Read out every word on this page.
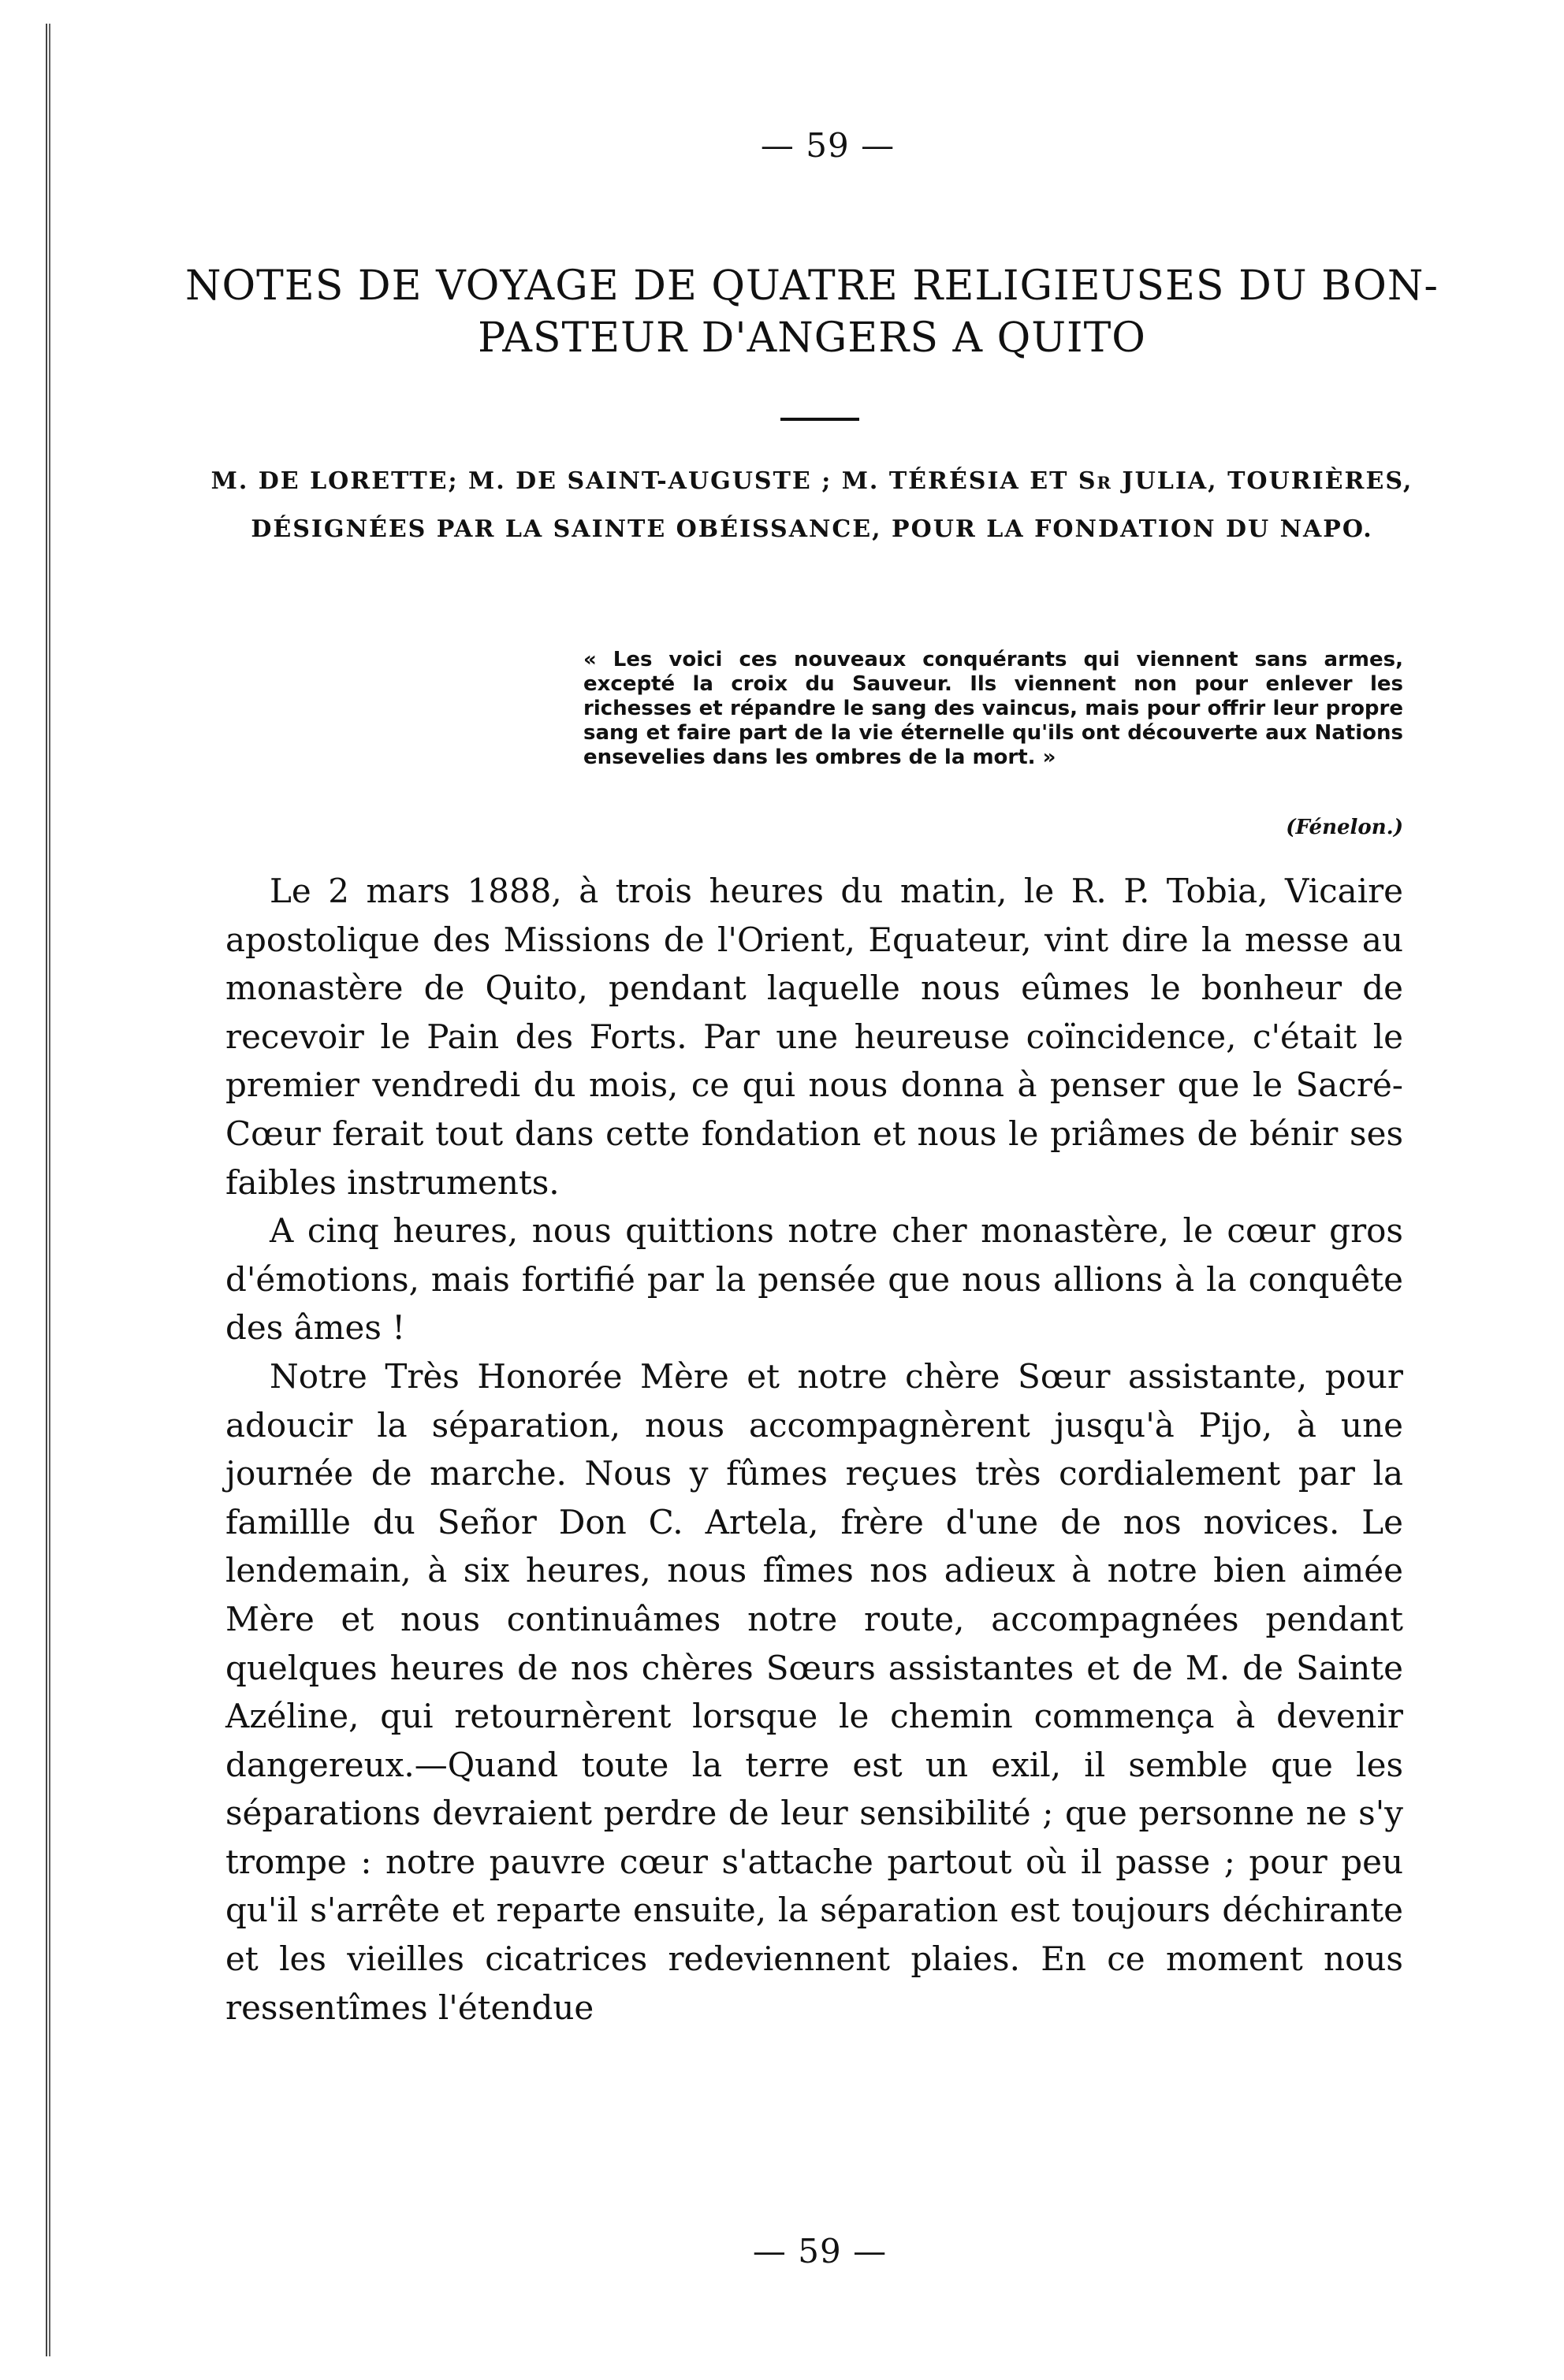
— 59 —
NOTES DE VOYAGE DE QUATRE RELIGIEUSES DU BON-PASTEUR D'ANGERS A QUITO
M. DE LORETTE; M. DE SAINT-AUGUSTE ; M. TÉRÉSIA ET Sr JULIA, TOURIÈRES, DÉSIGNÉES PAR LA SAINTE OBÉISSANCE, POUR LA FONDATION DU NAPO.
« Les voici ces nouveaux conquérants qui viennent sans armes, excepté la croix du Sauveur. Ils viennent non pour enlever les richesses et répandre le sang des vaincus, mais pour offrir leur propre sang et faire part de la vie éternelle qu'ils ont découverte aux Nations ensevelies dans les ombres de la mort. »
(Fénelon.)

Le 2 mars 1888, à trois heures du matin, le R. P. Tobia, Vicaire apostolique des Missions de l'Orient, Equateur, vint dire la messe au monastère de Quito, pendant laquelle nous eûmes le bonheur de recevoir le Pain des Forts. Par une heureuse coïncidence, c'était le premier vendredi du mois, ce qui nous donna à penser que le Sacré-Cœur ferait tout dans cette fondation et nous le priâmes de bénir ses faibles instruments.

A cinq heures, nous quittions notre cher monastère, le cœur gros d'émotions, mais fortifié par la pensée que nous allions à la conquête des âmes !

Notre Très Honorée Mère et notre chère Sœur assistante, pour adoucir la séparation, nous accompagnèrent jusqu'à Pijo, à une journée de marche. Nous y fûmes reçues très cordialement par la famillle du Señor Don C. Artela, frère d'une de nos novices. Le lendemain, à six heures, nous fîmes nos adieux à notre bien aimée Mère et nous continuâmes notre route, accompagnées pendant quelques heures de nos chères Sœurs assistantes et de M. de Sainte Azéline, qui retournèrent lorsque le chemin commença à devenir dangereux.—Quand toute la terre est un exil, il semble que les séparations devraient perdre de leur sensibilité ; que personne ne s'y trompe : notre pauvre cœur s'attache partout où il passe ; pour peu qu'il s'arrête et reparte ensuite, la séparation est toujours déchirante et les vieilles cicatrices redeviennent plaies. En ce moment nous ressentîmes l'étendue

— 59 —
